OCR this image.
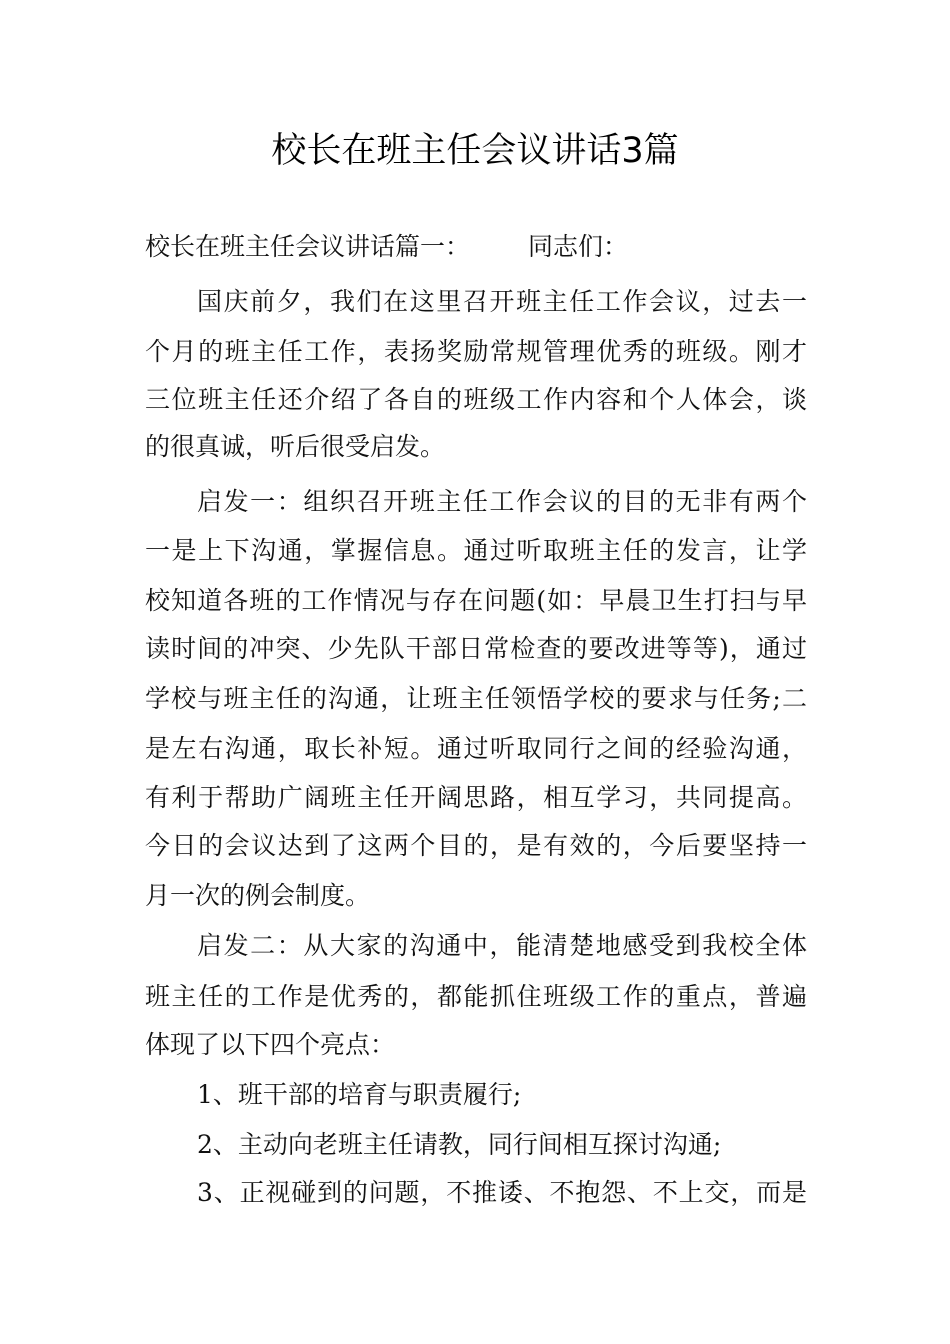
校长在班主任会议讲话3篇
校长在班主任会议讲话篇一： 同志们：
国庆前夕，我们在这里召开班主任工作会议，过去一
个月的班主任工作，表扬奖励常规管理优秀的班级。刚才
三位班主任还介绍了各自的班级工作内容和个人体会，谈
的很真诚，听后很受启发。
启发一：组织召开班主任工作会议的目的无非有两个
一是上下沟通，掌握信息。通过听取班主任的发言，让学
校知道各班的工作情况与存在问题(如：早晨卫生打扫与早
读时间的冲突、少先队干部日常检查的要改进等等)，通过
学校与班主任的沟通，让班主任领悟学校的要求与任务;二
是左右沟通，取长补短。通过听取同行之间的经验沟通，
有利于帮助广阔班主任开阔思路，相互学习，共同提高。
今日的会议达到了这两个目的，是有效的，今后要坚持一
月一次的例会制度。
启发二：从大家的沟通中，能清楚地感受到我校全体
班主任的工作是优秀的，都能抓住班级工作的重点，普遍
体现了以下四个亮点：
1、班干部的培育与职责履行;
2、主动向老班主任请教，同行间相互探讨沟通;
3、正视碰到的问题，不推诿、不抱怨、不上交，而是
